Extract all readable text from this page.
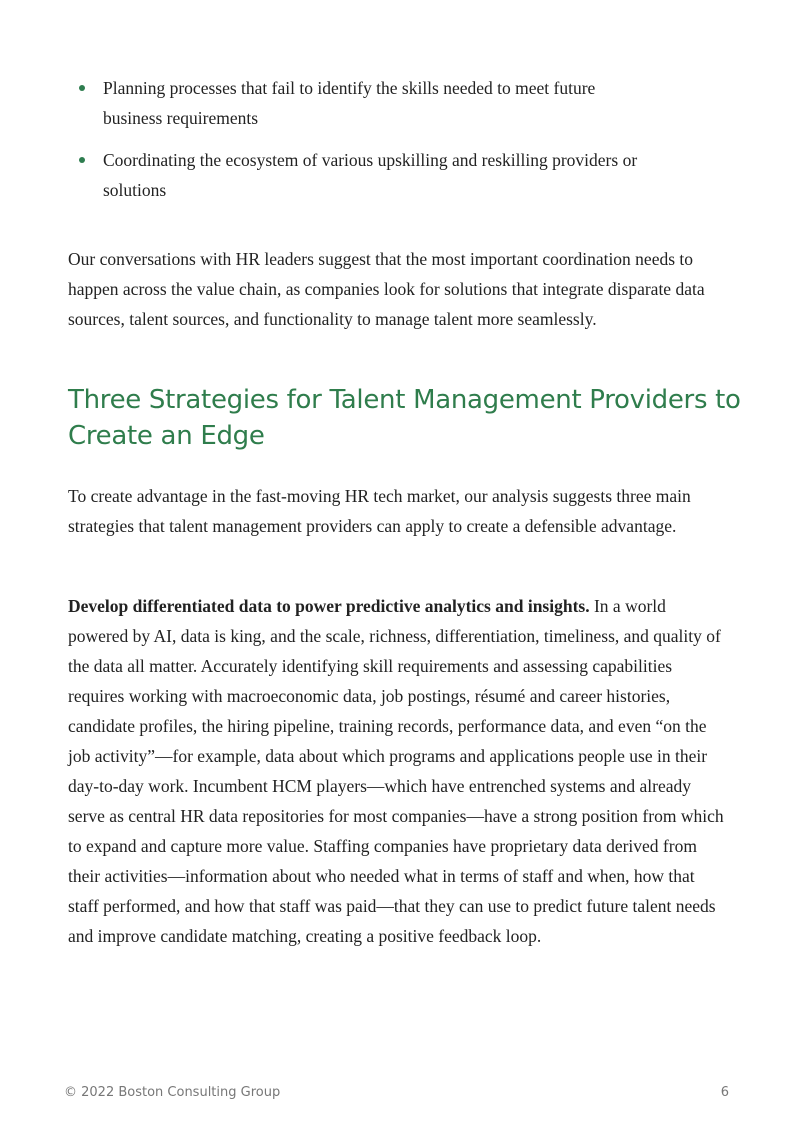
Planning processes that fail to identify the skills needed to meet future
business requirements
Coordinating the ecosystem of various upskilling and reskilling providers or
solutions

Our conversations with HR leaders suggest that the most important coordination needs to happen across the value chain, as companies look for solutions that integrate disparate data sources, talent sources, and functionality to manage talent more seamlessly.

Three Strategies for Talent Management Providers to Create an Edge

To create advantage in the fast-moving HR tech market, our analysis suggests three main strategies that talent management providers can apply to create a defensible advantage.

Develop differentiated data to power predictive analytics and insights. In a world powered by AI, data is king, and the scale, richness, differentiation, timeliness, and quality of the data all matter. Accurately identifying skill requirements and assessing capabilities requires working with macroeconomic data, job postings, résumé and career histories, candidate profiles, the hiring pipeline, training records, performance data, and even “on the job activity”—for example, data about which programs and applications people use in their day-to-day work. Incumbent HCM players—which have entrenched systems and already serve as central HR data repositories for most companies—have a strong position from which to expand and capture more value. Staffing companies have proprietary data derived from their activities—information about who needed what in terms of staff and when, how that staff performed, and how that staff was paid—that they can use to predict future talent needs and improve candidate matching, creating a positive feedback loop.

© 2022 Boston Consulting Group	6
